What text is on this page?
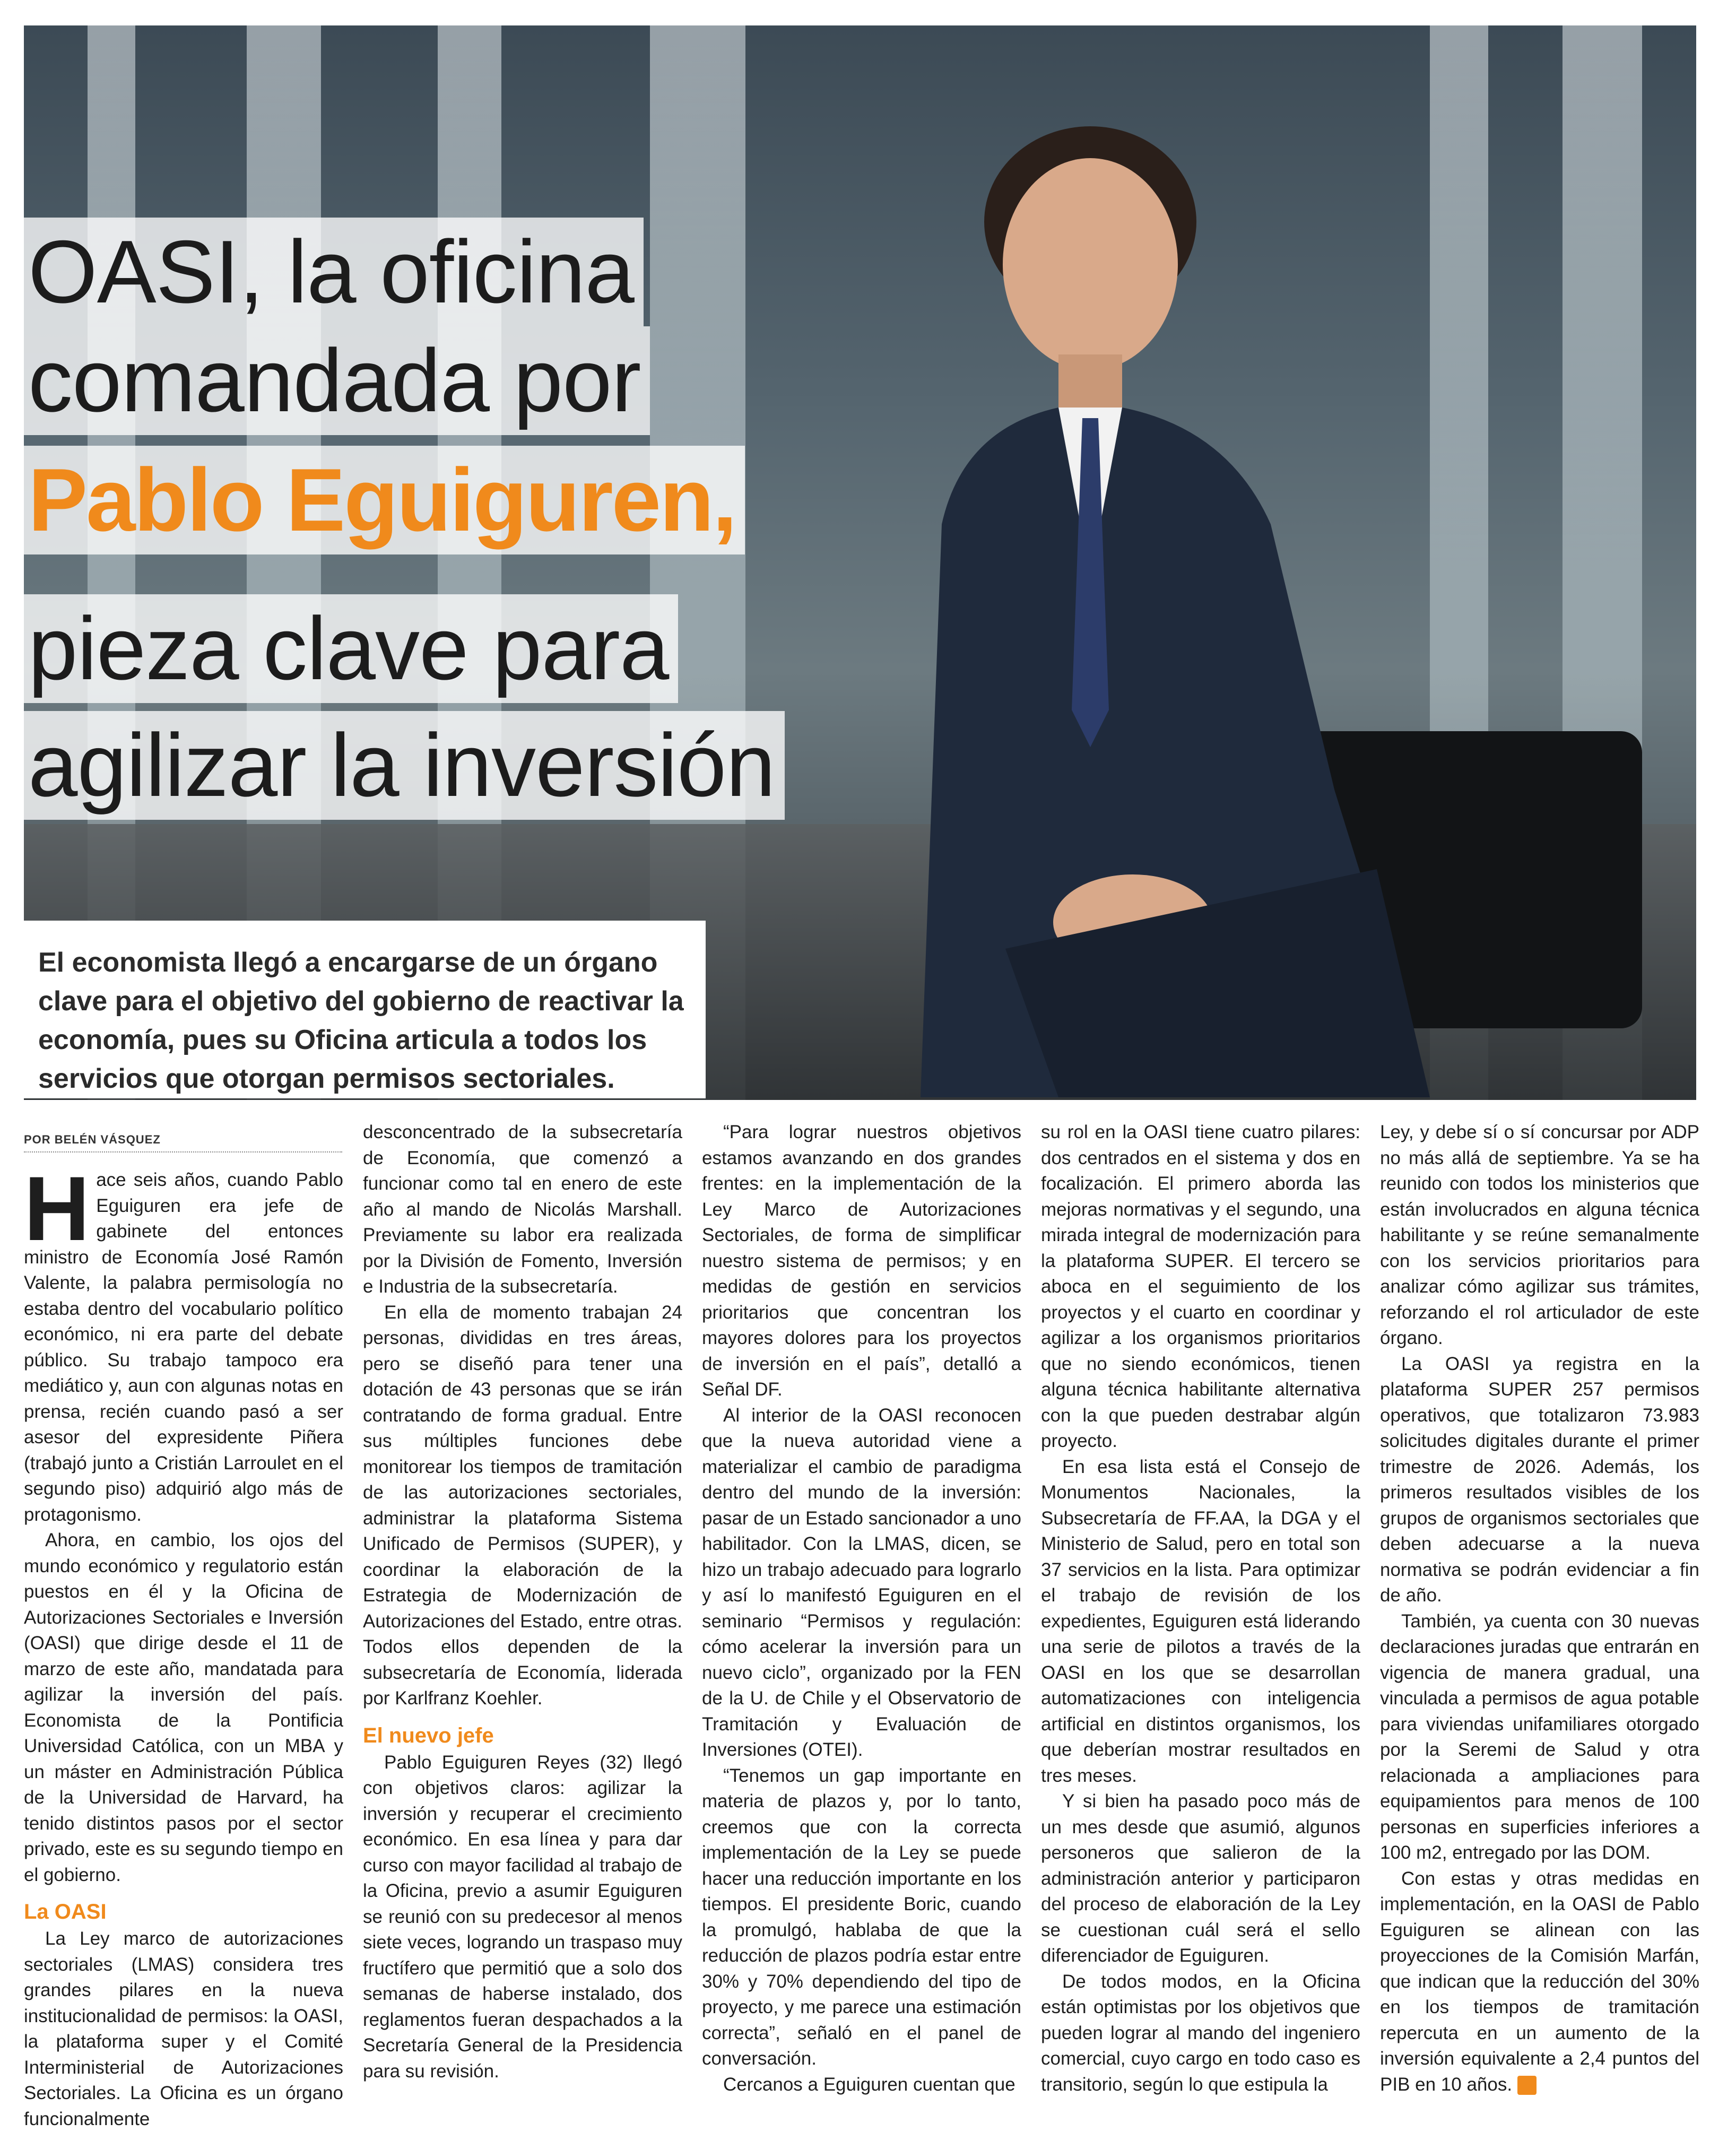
OASI, la oficina
comandada por
Pablo Eguiguren,
pieza clave para
agilizar la inversión

El economista llegó a encargarse de un órgano clave para el objetivo del gobierno de reactivar la economía, pues su Oficina articula a todos los servicios que otorgan permisos sectoriales.

POR BELÉN VÁSQUEZ

Hace seis años, cuando Pablo Eguiguren era jefe de gabinete del entonces ministro de Economía José Ramón Valente, la palabra permisología no estaba dentro del vocabulario político económico, ni era parte del debate público. Su trabajo tampoco era mediático y, aun con algunas notas en prensa, recién cuando pasó a ser asesor del expresidente Piñera (trabajó junto a Cristián Larroulet en el segundo piso) adquirió algo más de protagonismo.

Ahora, en cambio, los ojos del mundo económico y regulatorio están puestos en él y la Oficina de Autorizaciones Sectoriales e Inversión (OASI) que dirige desde el 11 de marzo de este año, mandatada para agilizar la inversión del país. Economista de la Pontificia Universidad Católica, con un MBA y un máster en Administración Pública de la Universidad de Harvard, ha tenido distintos pasos por el sector privado, este es su segundo tiempo en el gobierno.

La OASI

La Ley marco de autorizaciones sectoriales (LMAS) considera tres grandes pilares en la nueva institucionalidad de permisos: la OASI, la plataforma super y el Comité Interministerial de Autorizaciones Sectoriales. La Oficina es un órgano funcionalmente

desconcentrado de la subsecretaría de Economía, que comenzó a funcionar como tal en enero de este año al mando de Nicolás Marshall. Previamente su labor era realizada por la División de Fomento, Inversión e Industria de la subsecretaría.

En ella de momento trabajan 24 personas, divididas en tres áreas, pero se diseñó para tener una dotación de 43 personas que se irán contratando de forma gradual. Entre sus múltiples funciones debe monitorear los tiempos de tramitación de las autorizaciones sectoriales, administrar la plataforma Sistema Unificado de Permisos (SUPER), y coordinar la elaboración de la Estrategia de Modernización de Autorizaciones del Estado, entre otras. Todos ellos dependen de la subsecretaría de Economía, liderada por Karlfranz Koehler.

El nuevo jefe

Pablo Eguiguren Reyes (32) llegó con objetivos claros: agilizar la inversión y recuperar el crecimiento económico. En esa línea y para dar curso con mayor facilidad al trabajo de la Oficina, previo a asumir Eguiguren se reunió con su predecesor al menos siete veces, logrando un traspaso muy fructífero que permitió que a solo dos semanas de haberse instalado, dos reglamentos fueran despachados a la Secretaría General de la Presidencia para su revisión.

“Para lograr nuestros objetivos estamos avanzando en dos grandes frentes: en la implementación de la Ley Marco de Autorizaciones Sectoriales, de forma de simplificar nuestro sistema de permisos; y en medidas de gestión en servicios prioritarios que concentran los mayores dolores para los proyectos de inversión en el país”, detalló a Señal DF.

Al interior de la OASI reconocen que la nueva autoridad viene a materializar el cambio de paradigma dentro del mundo de la inversión: pasar de un Estado sancionador a uno habilitador. Con la LMAS, dicen, se hizo un trabajo adecuado para lograrlo y así lo manifestó Eguiguren en el seminario “Permisos y regulación: cómo acelerar la inversión para un nuevo ciclo”, organizado por la FEN de la U. de Chile y el Observatorio de Tramitación y Evaluación de Inversiones (OTEI).

“Tenemos un gap importante en materia de plazos y, por lo tanto, creemos que con la correcta implementación de la Ley se puede hacer una reducción importante en los tiempos. El presidente Boric, cuando la promulgó, hablaba de que la reducción de plazos podría estar entre 30% y 70% dependiendo del tipo de proyecto, y me parece una estimación correcta”, señaló en el panel de conversación.

Cercanos a Eguiguren cuentan que

su rol en la OASI tiene cuatro pilares: dos centrados en el sistema y dos en focalización. El primero aborda las mejoras normativas y el segundo, una mirada integral de modernización para la plataforma SUPER. El tercero se aboca en el seguimiento de los proyectos y el cuarto en coordinar y agilizar a los organismos prioritarios que no siendo económicos, tienen alguna técnica habilitante alternativa con la que pueden destrabar algún proyecto.

En esa lista está el Consejo de Monumentos Nacionales, la Subsecretaría de FF.AA, la DGA y el Ministerio de Salud, pero en total son 37 servicios en la lista. Para optimizar el trabajo de revisión de los expedientes, Eguiguren está liderando una serie de pilotos a través de la OASI en los que se desarrollan automatizaciones con inteligencia artificial en distintos organismos, los que deberían mostrar resultados en tres meses.

Y si bien ha pasado poco más de un mes desde que asumió, algunos personeros que salieron de la administración anterior y participaron del proceso de elaboración de la Ley se cuestionan cuál será el sello diferenciador de Eguiguren.

De todos modos, en la Oficina están optimistas por los objetivos que pueden lograr al mando del ingeniero comercial, cuyo cargo en todo caso es transitorio, según lo que estipula la

Ley, y debe sí o sí concursar por ADP no más allá de septiembre. Ya se ha reunido con todos los ministerios que están involucrados en alguna técnica habilitante y se reúne semanalmente con los servicios prioritarios para analizar cómo agilizar sus trámites, reforzando el rol articulador de este órgano.

La OASI ya registra en la plataforma SUPER 257 permisos operativos, que totalizaron 73.983 solicitudes digitales durante el primer trimestre de 2026. Además, los primeros resultados visibles de los grupos de organismos sectoriales que deben adecuarse a la nueva normativa se podrán evidenciar a fin de año.

También, ya cuenta con 30 nuevas declaraciones juradas que entrarán en vigencia de manera gradual, una vinculada a permisos de agua potable para viviendas unifamiliares otorgado por la Seremi de Salud y otra relacionada a ampliaciones para equipamientos para menos de 100 personas en superficies inferiores a 100 m2, entregado por las DOM.

Con estas y otras medidas en implementación, en la OASI de Pablo Eguiguren se alinean con las proyecciones de la Comisión Marfán, que indican que la reducción del 30% en los tiempos de tramitación repercuta en un aumento de la inversión equivalente a 2,4 puntos del PIB en 10 años. S
